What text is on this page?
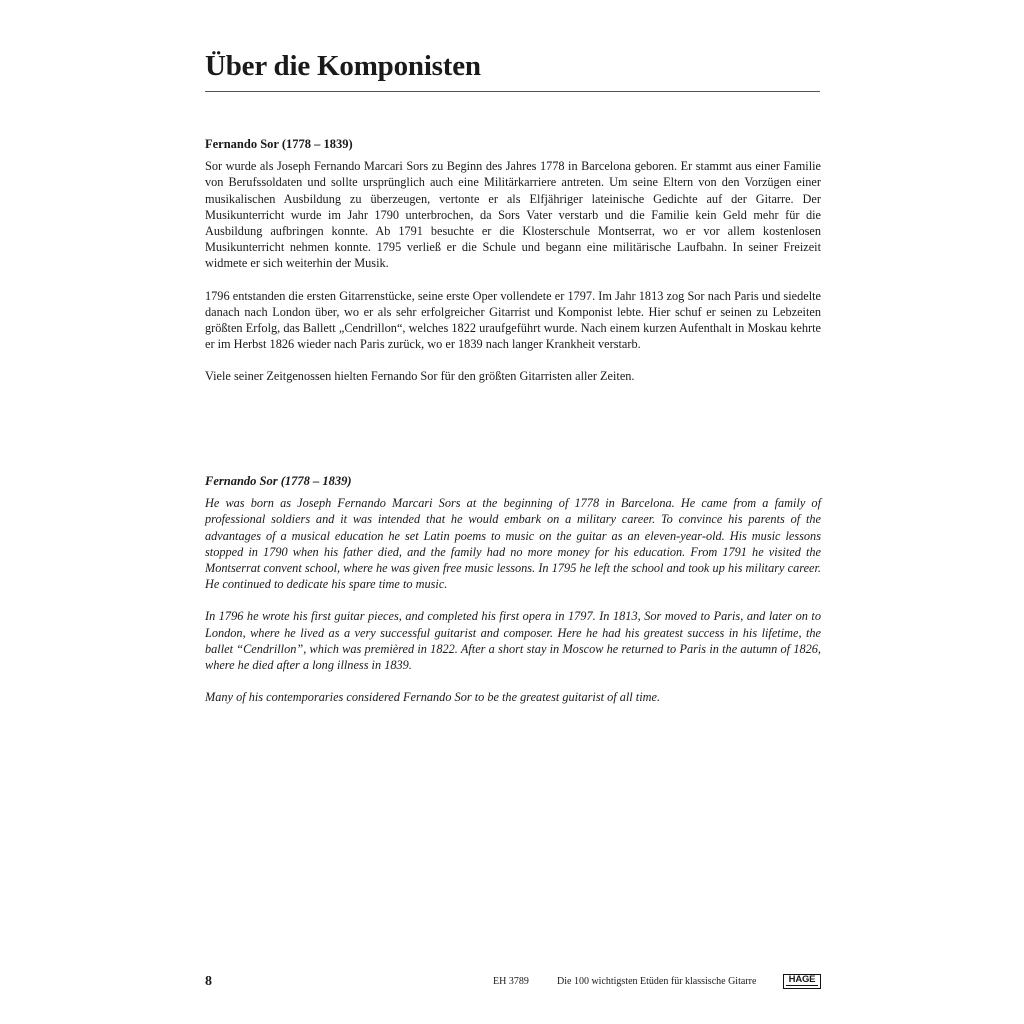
Über die Komponisten
Fernando Sor (1778 – 1839)

Sor wurde als Joseph Fernando Marcari Sors zu Beginn des Jahres 1778 in Barcelona geboren. Er stammt aus einer Familie von Berufssoldaten und sollte ursprünglich auch eine Militärkarriere antreten. Um seine Eltern von den Vorzügen einer musikalischen Ausbildung zu überzeugen, vertonte er als Elfjähriger lateinische Gedichte auf der Gitarre. Der Musikunterricht wurde im Jahr 1790 unterbrochen, da Sors Vater verstarb und die Familie kein Geld mehr für die Ausbildung aufbringen konnte. Ab 1791 besuchte er die Klosterschule Montserrat, wo er vor allem kostenlosen Musikunterricht nehmen konnte. 1795 verließ er die Schule und begann eine militärische Laufbahn. In seiner Freizeit widmete er sich weiterhin der Musik.

1796 entstanden die ersten Gitarrenstücke, seine erste Oper vollendete er 1797. Im Jahr 1813 zog Sor nach Paris und siedelte danach nach London über, wo er als sehr erfolgreicher Gitarrist und Komponist lebte. Hier schuf er seinen zu Lebzeiten größten Erfolg, das Ballett „Cendrillon“, welches 1822 uraufgeführt wurde. Nach einem kurzen Aufenthalt in Moskau kehrte er im Herbst 1826 wieder nach Paris zurück, wo er 1839 nach langer Krankheit verstarb.

Viele seiner Zeitgenossen hielten Fernando Sor für den größten Gitarristen aller Zeiten.

Fernando Sor (1778 – 1839)

He was born as Joseph Fernando Marcari Sors at the beginning of 1778 in Barcelona. He came from a family of professional soldiers and it was intended that he would embark on a military career. To convince his parents of the advantages of a musical education he set Latin poems to music on the guitar as an eleven-year-old. His music lessons stopped in 1790 when his father died, and the family had no more money for his education. From 1791 he visited the Montserrat convent school, where he was given free music lessons. In 1795 he left the school and took up his military career. He continued to dedicate his spare time to music.

In 1796 he wrote his first guitar pieces, and completed his first opera in 1797. In 1813, Sor moved to Paris, and later on to London, where he lived as a very successful guitarist and composer. Here he had his greatest success in his lifetime, the ballet “Cendrillon”, which was premièred in 1822. After a short stay in Moscow he returned to Paris in the autumn of 1826, where he died after a long illness in 1839.

Many of his contemporaries considered Fernando Sor to be the greatest guitarist of all time.

8	EH 3789	Die 100 wichtigsten Etüden für klassische Gitarre	HAGE
